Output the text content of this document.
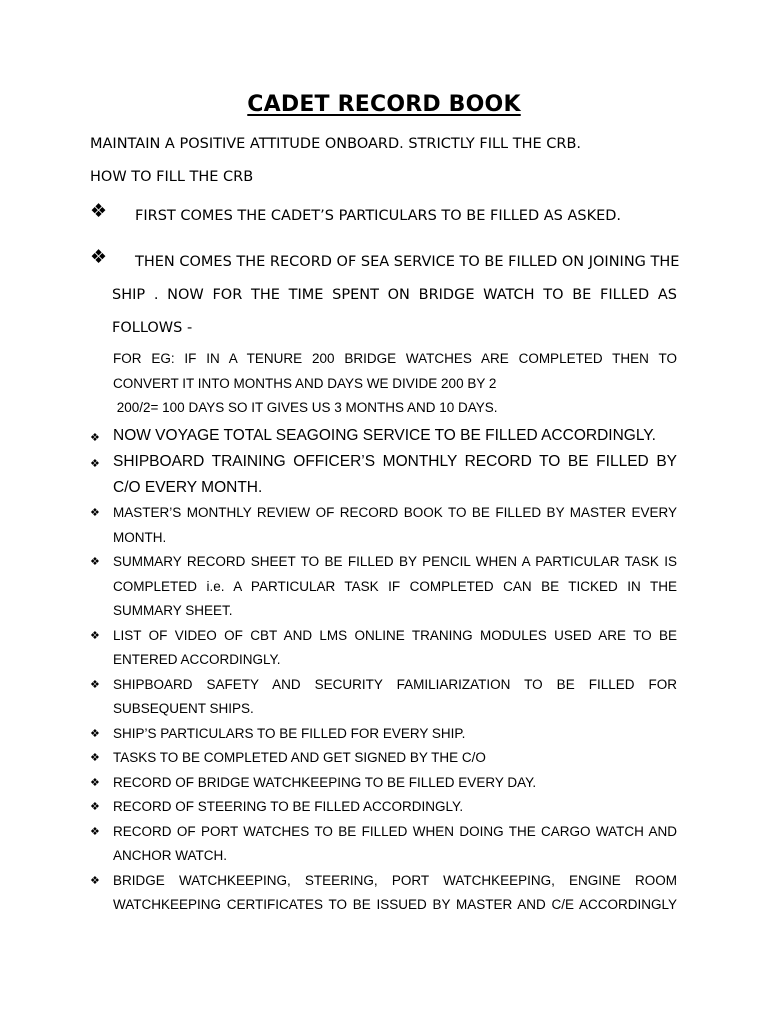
CADET RECORD BOOK
MAINTAIN A POSITIVE ATTITUDE ONBOARD. STRICTLY FILL THE CRB.
HOW TO FILL THE CRB
❖ FIRST COMES THE CADET’S PARTICULARS TO BE FILLED AS ASKED.
❖	THEN COMES THE RECORD OF SEA SERVICE TO BE FILLED ON JOINING THE
SHIP . NOW FOR THE TIME SPENT ON BRIDGE WATCH TO BE FILLED AS FOLLOWS -
FOR EG: IF IN A TENURE 200 BRIDGE WATCHES ARE COMPLETED THEN TO
CONVERT IT INTO MONTHS AND DAYS WE DIVIDE 200 BY 2
200/2= 100 DAYS SO IT GIVES US 3 MONTHS AND 10 DAYS.
❖ NOW VOYAGE TOTAL SEAGOING SERVICE TO BE FILLED ACCORDINGLY.
❖ SHIPBOARD TRAINING OFFICER’S MONTHLY RECORD TO BE FILLED BY C/O EVERY MONTH.
❖ MASTER’S MONTHLY REVIEW OF RECORD BOOK TO BE FILLED BY MASTER EVERY MONTH.
❖ SUMMARY RECORD SHEET TO BE FILLED BY PENCIL WHEN A PARTICULAR TASK IS COMPLETED i.e. A PARTICULAR TASK IF COMPLETED CAN BE TICKED IN THE SUMMARY SHEET.
❖ LIST OF VIDEO OF CBT AND LMS ONLINE TRANING MODULES USED ARE TO BE ENTERED ACCORDINGLY.
❖ SHIPBOARD SAFETY AND SECURITY FAMILIARIZATION TO BE FILLED FOR SUBSEQUENT SHIPS.
❖ SHIP’S PARTICULARS TO BE FILLED FOR EVERY SHIP.
❖ TASKS TO BE COMPLETED AND GET SIGNED BY THE C/O
❖ RECORD OF BRIDGE WATCHKEEPING TO BE FILLED EVERY DAY.
❖ RECORD OF STEERING TO BE FILLED ACCORDINGLY.
❖ RECORD OF PORT WATCHES TO BE FILLED WHEN DOING THE CARGO WATCH AND ANCHOR WATCH.
❖ BRIDGE WATCHKEEPING, STEERING, PORT WATCHKEEPING, ENGINE ROOM WATCHKEEPING CERTIFICATES TO BE ISSUED BY MASTER AND C/E ACCORDINGLY
